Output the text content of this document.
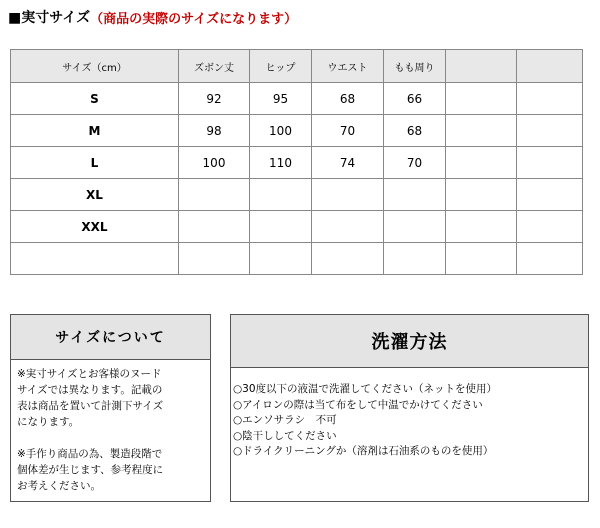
■実寸サイズ （商品の実際のサイズになります）
サイズ（cm）	ズボン丈	ヒップ	ウエスト	もも周り		
S	92	95	68	66		
M	98	100	70	68		
L	100	110	74	70		
XL						
XXL						

サイズについて

※実寸サイズとお客様のヌード

サイズでは異なります。記載の

表は商品を置いて計測下サイズ

になります。

※手作り商品の為、製造段階で

個体差が生じます、参考程度に

お考えください。

洗濯方法
○30度以下の液温で洗濯してください（ネットを使用）
○アイロンの際は当て布をして中温でかけてください
○エンソサラシ　不可
○陰干ししてください
○ドライクリーニングか（溶剤は石油系のものを使用）
